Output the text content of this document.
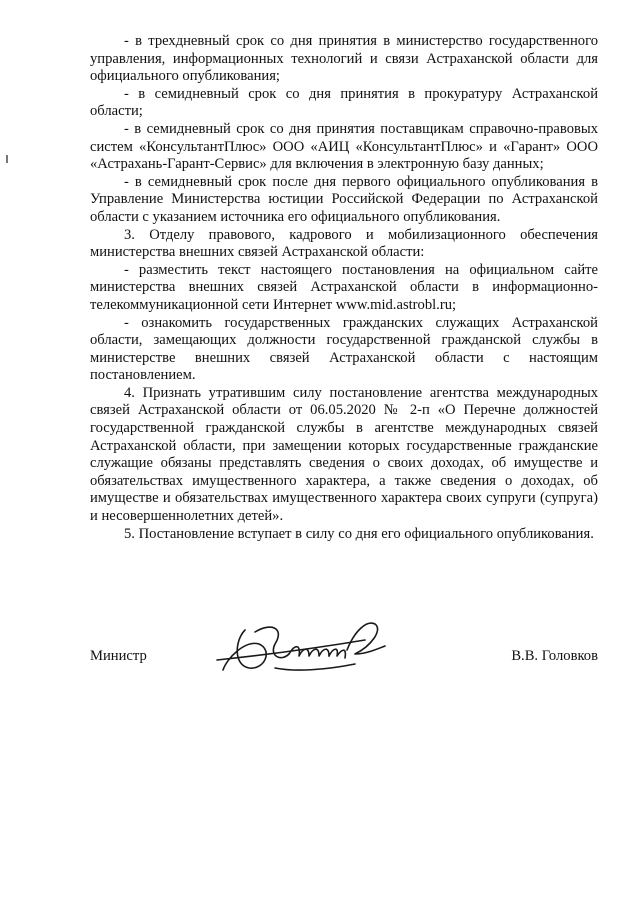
- в трехдневный срок со дня принятия в министерство государственного управления, информационных технологий и связи Астраханской области для официального опубликования;

- в семидневный срок со дня принятия в прокуратуру Астраханской области;

- в семидневный срок со дня принятия поставщикам справочно-правовых систем «КонсультантПлюс» ООО «АИЦ «КонсультантПлюс» и «Гарант» ООО «Астрахань-Гарант-Сервис» для включения в электронную базу данных;

- в семидневный срок после дня первого официального опубликования в Управление Министерства юстиции Российской Федерации по Астраханской области с указанием источника его официального опубликования.

3. Отделу правового, кадрового и мобилизационного обеспечения министерства внешних связей Астраханской области:

- разместить текст настоящего постановления на официальном сайте министерства внешних связей Астраханской области в информационно-телекоммуникационной сети Интернет www.mid.astrobl.ru;

- ознакомить государственных гражданских служащих Астраханской области, замещающих должности государственной гражданской службы в министерстве внешних связей Астраханской области с настоящим постановлением.

4. Признать утратившим силу постановление агентства международных связей Астраханской области от 06.05.2020 № 2-п «О Перечне должностей государственной гражданской службы в агентстве международных связей Астраханской области, при замещении которых государственные гражданские служащие обязаны представлять сведения о своих доходах, об имуществе и обязательствах имущественного характера, а также сведения о доходах, об имуществе и обязательствах имущественного характера своих супруги (супруга) и несовершеннолетних детей».

5. Постановление вступает в силу со дня его официального опубликования.

Министр	В.В. Головков
